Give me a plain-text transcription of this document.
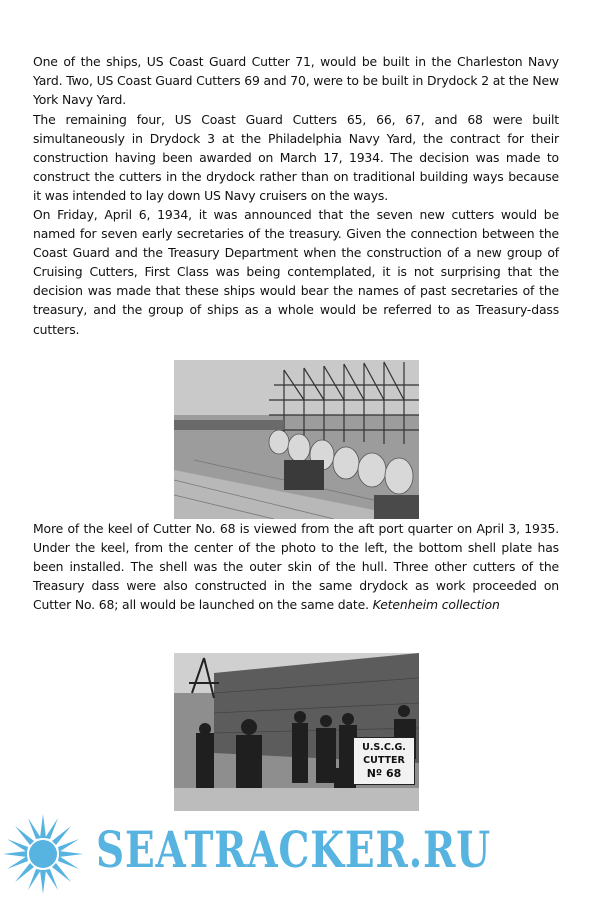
One of the ships, US Coast Guard Cutter 71, would be built in the Charleston Navy Yard. Two, US Coast Guard Cutters 69 and 70, were to be built in Drydock 2 at the New York Navy Yard.

The remaining four, US Coast Guard Cutters 65, 66, 67, and 68 were built simultaneously in Drydock 3 at the Philadelphia Navy Yard, the contract for their construction having been awarded on March 17, 1934. The decision was made to construct the cutters in the drydock rather than on traditional building ways because it was intended to lay down US Navy cruisers on the ways.

On Friday, April 6, 1934, it was announced that the seven new cutters would be named for seven early secretaries of the treasury. Given the connection between the Coast Guard and the Treasury Department when the construction of a new group of Cruising Cutters, First Class was being contemplated, it is not surprising that the decision was made that these ships would bear the names of past secretaries of the treasury, and the group of ships as a whole would be referred to as Treasury-dass cutters.

More of the keel of Cutter No. 68 is viewed from the aft port quarter on April 3, 1935. Under the keel, from the center of the photo to the left, the bottom shell plate has been installed. The shell was the outer skin of the hull. Three other cutters of the Treasury dass were also constructed in the same drydock as work proceeded on Cutter No. 68; all would be launched on the same date. Ketenheim collection

U.S.C.G.
CUTTER
Nº 68
SEATRACKER.RU
